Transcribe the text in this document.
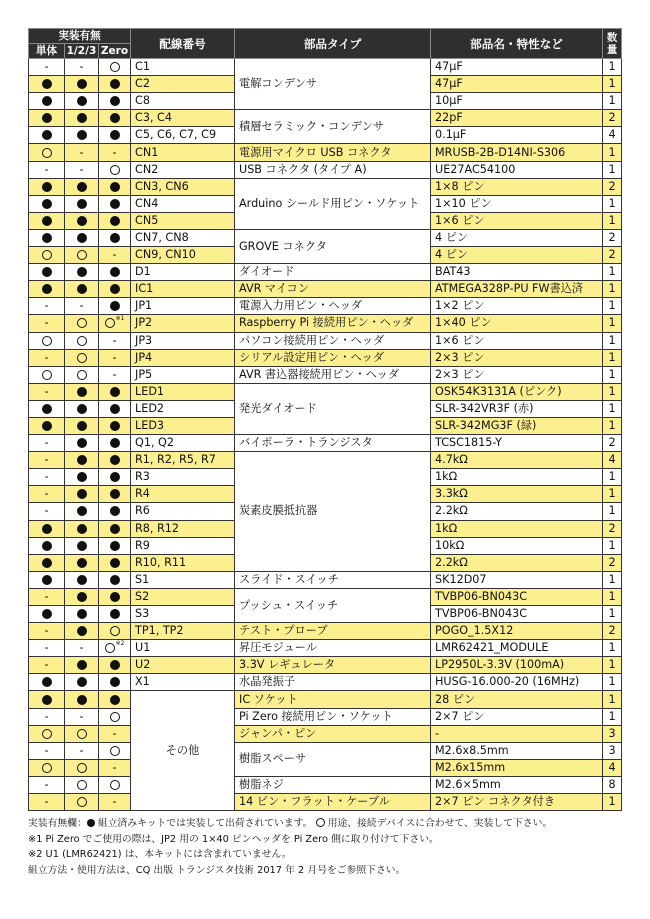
実装有無			配線番号	部品タイプ	部品名・特性など	数量
単体	1/2/3	Zero				
-	-		C1	電解コンデンサ	47μF	1
			C2		47μF	1
			C8		10μF	1
			C3, C4	積層セラミック・コンデンサ	22pF	2
			C5, C6, C7, C9		0.1μF	4
	-	-	CN1	電源用マイクロ USB コネクタ	MRUSB-2B-D14NI-S306	1
-	-		CN2	USB コネクタ (タイプ A)	UE27AC54100	1
			CN3, CN6	Arduino シールド用ピン・ソケット	1×8 ピン	2
			CN4		1×10 ピン	1
			CN5		1×6 ピン	1
			CN7, CN8	GROVE コネクタ	4 ピン	2
		-	CN9, CN10		4 ピン	2
			D1	ダイオード	BAT43	1
			IC1	AVR マイコン	ATMEGA328P-PU FW書込済	1
-	-		JP1	電源入力用ピン・ヘッダ	1×2 ピン	1
-		$^{※1}$	JP2	Raspberry Pi 接続用ピン・ヘッダ	1×40 ピン	1
		-	JP3	パソコン接続用ピン・ヘッダ	1×6 ピン	1
-		-	JP4	シリアル設定用ピン・ヘッダ	2×3 ピン	1
		-	JP5	AVR 書込器接続用ピン・ヘッダ	2×3 ピン	1
-			LED1	発光ダイオード	OSK54K3131A (ピンク)	1
			LED2		SLR-342VR3F (赤)	1
			LED3		SLR-342MG3F (緑)	1
-			Q1, Q2	バイポーラ・トランジスタ	TCSC1815-Y	2
-			R1, R2, R5, R7	炭素皮膜抵抗器	4.7kΩ	4
-			R3		1kΩ	1
-			R4		3.3kΩ	1
-			R6		2.2kΩ	1
			R8, R12		1kΩ	2
			R9		10kΩ	1
			R10, R11		2.2kΩ	2
			S1	スライド・スイッチ	SK12D07	1
-			S2	プッシュ・スイッチ	TVBP06-BN043C	1
			S3		TVBP06-BN043C	1
-			TP1, TP2	テスト・プローブ	POGO_1.5X12	2
-	-	$^{※2}$	U1	昇圧モジュール	LMR62421_MODULE	1
-			U2	3.3V レギュレータ	LP2950L-3.3V (100mA)	1
			X1	水晶発振子	HUSG-16.000-20 (16MHz)	1
			その他	IC ソケット	28 ピン	1
-	-			Pi Zero 接続用ピン・ソケット	2×7 ピン	1
		-		ジャンパ・ピン	-	3
-	-			樹脂スペーサ	M2.6x8.5mm	3
		-			M2.6x15mm	4
-				樹脂ネジ	M2.6×5mm	8
-		-		14 ピン・フラット・ケーブル	2×7 ピン コネクタ付き	1
実装有無欄： 組立済みキットでは実装して出荷されています。 用途、接続デバイスに合わせて、実装して下さい。
※1 Pi Zero でご使用の際は、JP2 用の 1×40 ピンヘッダを Pi Zero 側に取り付けて下さい。
※2 U1 (LMR62421) は、本キットには含まれていません。
組立方法・使用方法は、CQ 出版 トランジスタ技術 2017 年 2 月号をご参照下さい。
